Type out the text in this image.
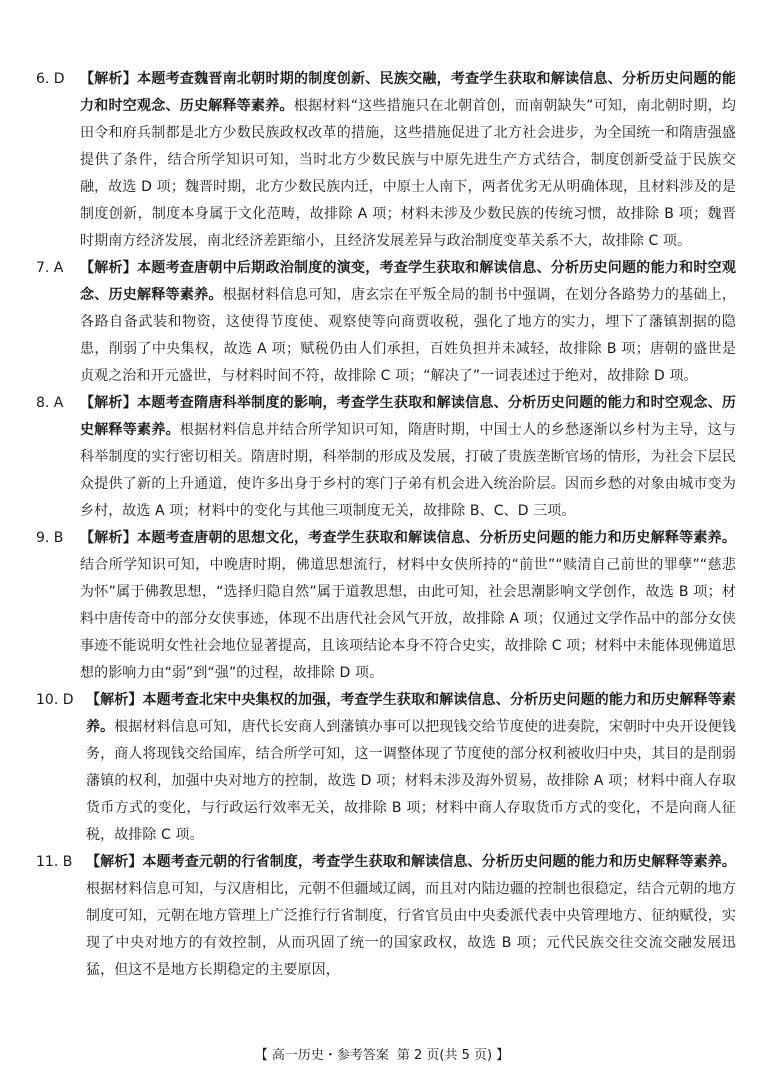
6. D	【解析】本题考查魏晋南北朝时期的制度创新、民族交融，考查学生获取和解读信息、分析历史问题的能力和时空观念、历史解释等素养。根据材料“这些措施只在北朝首创，而南朝缺失”可知，南北朝时期，均田令和府兵制都是北方少数民族政权改革的措施，这些措施促进了北方社会进步，为全国统一和隋唐强盛提供了条件，结合所学知识可知，当时北方少数民族与中原先进生产方式结合，制度创新受益于民族交融，故选 D 项；魏晋时期，北方少数民族内迁，中原士人南下，两者优劣无从明确体现，且材料涉及的是制度创新，制度本身属于文化范畴，故排除 A 项；材料未涉及少数民族的传统习惯，故排除 B 项；魏晋时期南方经济发展，南北经济差距缩小，且经济发展差异与政治制度变革关系不大，故排除 C 项。
7. A	【解析】本题考查唐朝中后期政治制度的演变，考查学生获取和解读信息、分析历史问题的能力和时空观念、历史解释等素养。根据材料信息可知，唐玄宗在平叛全局的制书中强调，在划分各路势力的基础上，各路自备武装和物资，这使得节度使、观察使等向商贾收税，强化了地方的实力，埋下了藩镇割据的隐患，削弱了中央集权，故选 A 项；赋税仍由人们承担，百姓负担并未减轻，故排除 B 项；唐朝的盛世是贞观之治和开元盛世，与材料时间不符，故排除 C 项；“解决了”一词表述过于绝对，故排除 D 项。
8. A	【解析】本题考查隋唐科举制度的影响，考查学生获取和解读信息、分析历史问题的能力和时空观念、历史解释等素养。根据材料信息并结合所学知识可知，隋唐时期，中国士人的乡愁逐渐以乡村为主导，这与科举制度的实行密切相关。隋唐时期，科举制的形成及发展，打破了贵族垄断官场的情形，为社会下层民众提供了新的上升通道，使许多出身于乡村的寒门子弟有机会进入统治阶层。因而乡愁的对象由城市变为乡村，故选 A 项；材料中的变化与其他三项制度无关，故排除 B、C、D 三项。
9. B	【解析】本题考查唐朝的思想文化，考查学生获取和解读信息、分析历史问题的能力和历史解释等素养。结合所学知识可知，中晚唐时期，佛道思想流行，材料中女侠所持的“前世”“赎清自己前世的罪孽”“慈悲为怀”属于佛教思想，“选择归隐自然”属于道教思想，由此可知，社会思潮影响文学创作，故选 B 项；材料中唐传奇中的部分女侠事迹，体现不出唐代社会风气开放，故排除 A 项；仅通过文学作品中的部分女侠事迹不能说明女性社会地位显著提高，且该项结论本身不符合史实，故排除 C 项；材料中未能体现佛道思想的影响力由“弱”到“强”的过程，故排除 D 项。
10. D 【解析】本题考查北宋中央集权的加强，考查学生获取和解读信息、分析历史问题的能力和历史解释等素养。根据材料信息可知，唐代长安商人到藩镇办事可以把现钱交给节度使的进奏院，宋朝时中央开设便钱务，商人将现钱交给国库，结合所学可知，这一调整体现了节度使的部分权利被收归中央，其目的是削弱藩镇的权利，加强中央对地方的控制，故选 D 项；材料未涉及海外贸易，故排除 A 项；材料中商人存取货币方式的变化，与行政运行效率无关，故排除 B 项；材料中商人存取货币方式的变化，不是向商人征税，故排除 C 项。
11. B 【解析】本题考查元朝的行省制度，考查学生获取和解读信息、分析历史问题的能力和历史解释等素养。根据材料信息可知，与汉唐相比，元朝不但疆域辽阔，而且对内陆边疆的控制也很稳定，结合元朝的地方制度可知，元朝在地方管理上广泛推行行省制度，行省官员由中央委派代表中央管理地方、征纳赋役，实现了中央对地方的有效控制，从而巩固了统一的国家政权，故选 B 项；元代民族交往交流交融发展迅猛，但这不是地方长期稳定的主要原因，
【 高一历史・参考答案 第 2 页(共 5 页) 】
